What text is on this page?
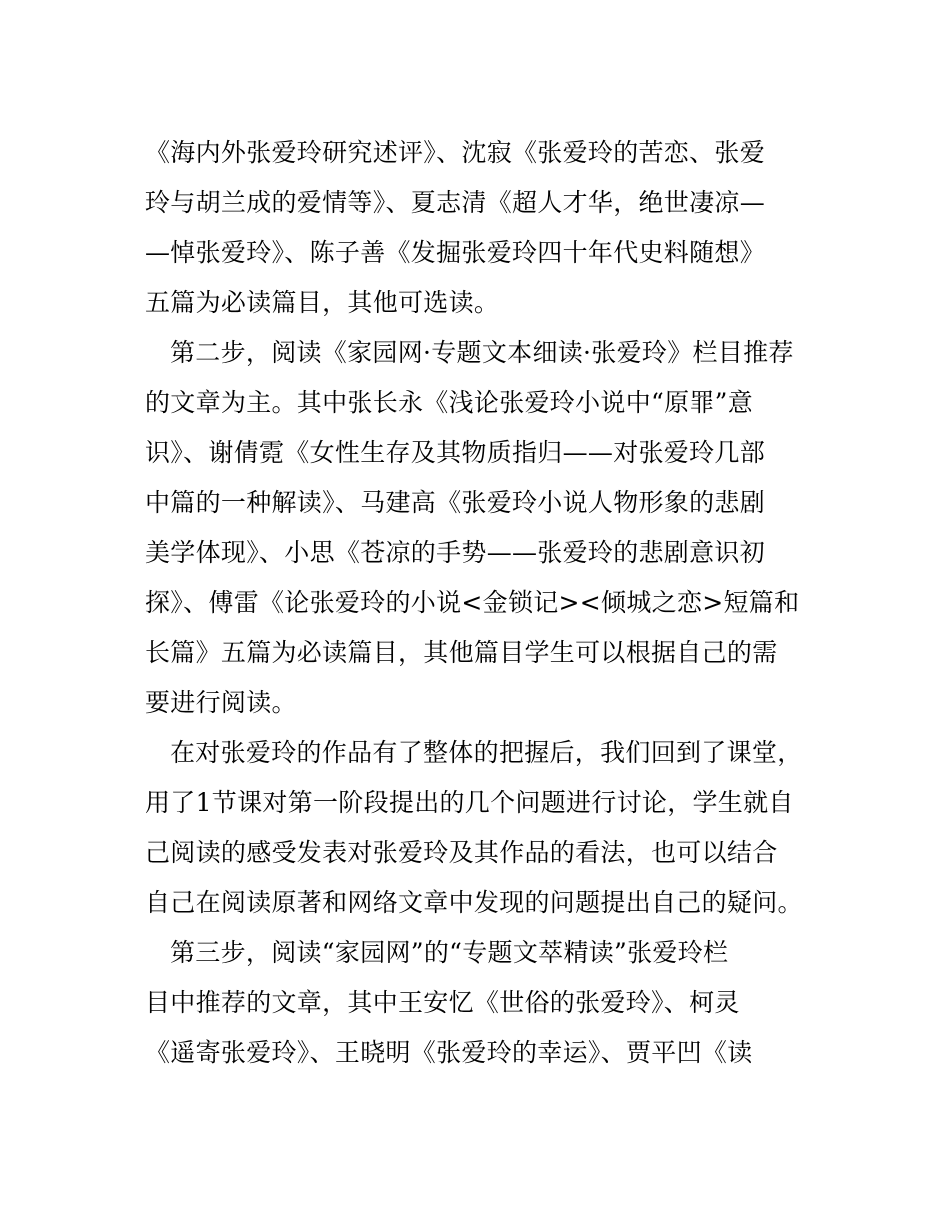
《海内外张爱玲研究述评》、沈寂《张爱玲的苦恋、张爱
玲与胡兰成的爱情等》、夏志清《超人才华，绝世凄凉—
—悼张爱玲》、陈子善《发掘张爱玲四十年代史料随想》
五篇为必读篇目，其他可选读。
第二步，阅读《家园网·专题文本细读·张爱玲》栏目推荐
的文章为主。其中张长永《浅论张爱玲小说中“原罪”意
识》、谢倩霓《女性生存及其物质指归——对张爱玲几部
中篇的一种解读》、马建高《张爱玲小说人物形象的悲剧
美学体现》、小思《苍凉的手势——张爱玲的悲剧意识初
探》、傅雷《论张爱玲的小说<金锁记><倾城之恋>短篇和
长篇》五篇为必读篇目，其他篇目学生可以根据自己的需
要进行阅读。
在对张爱玲的作品有了整体的把握后，我们回到了课堂，
用了1节课对第一阶段提出的几个问题进行讨论，学生就自
己阅读的感受发表对张爱玲及其作品的看法，也可以结合
自己在阅读原著和网络文章中发现的问题提出自己的疑问。
第三步，阅读“家园网”的“专题文萃精读”张爱玲栏
目中推荐的文章，其中王安忆《世俗的张爱玲》、柯灵
《遥寄张爱玲》、王晓明《张爱玲的幸运》、贾平凹《读
